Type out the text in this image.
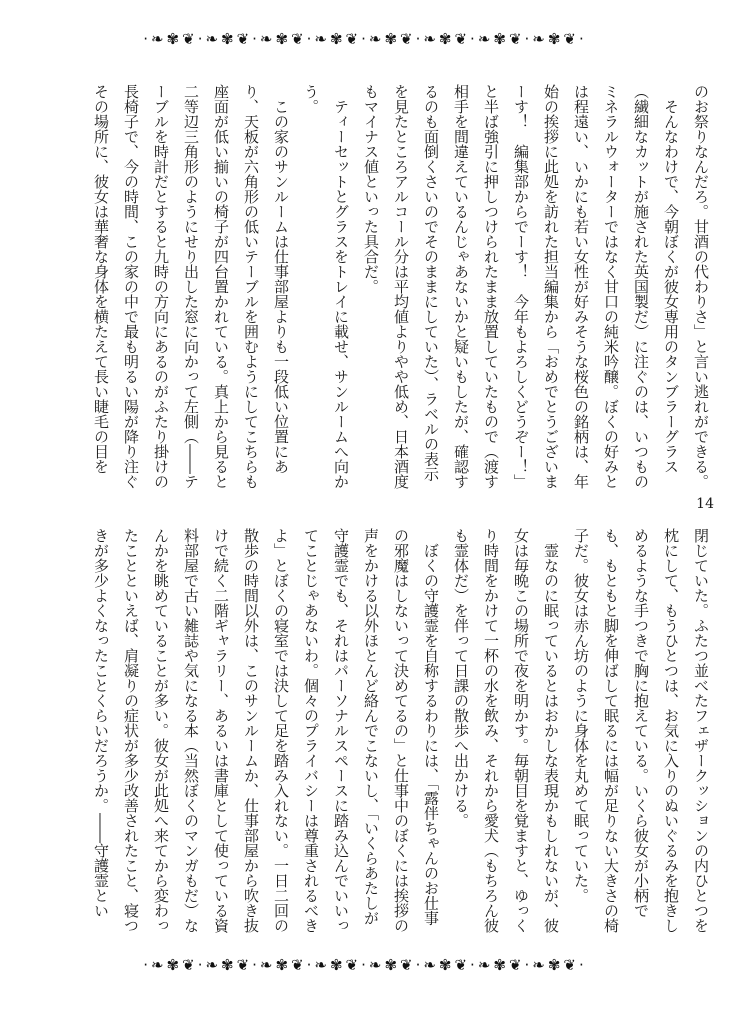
·❧✾❦·❧✾❦·❧✾❦·❧✾❦·❧✾❦·❧✾❦·❧✾❦·❧✾❦·

のお祭りなんだろ。甘酒の代わりさ」と言い逃れができる。

　そんなわけで、今朝ぼくが彼女専用のタンブラーグラス（繊細なカットが施された英国製だ）に注ぐのは、いつものミネラルウォーターではなく甘口の純米吟醸。ぼくの好みとは程遠い、いかにも若い女性が好みそうな桜色の銘柄は、年始の挨拶に此処を訪れた担当編集から「おめでとうございまーす！　編集部からでーす！　今年もよろしくどうぞー！」と半ば強引に押しつけられたまま放置していたもので（渡す相手を間違えているんじゃあないかと疑いもしたが、確認するのも面倒くさいのでそのままにしていた）、ラベルの表示を見たところアルコール分は平均値よりやや低め、日本酒度もマイナス値といった具合だ。

　ティーセットとグラスをトレイに載せ、サンルームへ向かう。

　この家のサンルームは仕事部屋よりも一段低い位置にあり、天板が六角形の低いテーブルを囲むようにしてこちらも座面が低い揃いの椅子が四台置かれている。真上から見ると二等辺三角形のようにせり出した窓に向かって左側（――テーブルを時計だとすると九時の方向にあるのがふたり掛けの長椅子で、今の時間、この家の中で最も明るい陽が降り注ぐその場所に、彼女は華奢な身体を横たえて長い睫毛の目を

14

閉じていた。ふたつ並べたフェザークッションの内ひとつを枕にして、もうひとつは、お気に入りのぬいぐるみを抱きしめるような手つきで胸に抱えている。いくら彼女が小柄でも、もともと脚を伸ばして眠るには幅が足りない大きさの椅子だ。彼女は赤ん坊のように身体を丸めて眠っていた。

　霊なのに眠っているとはおかしな表現かもしれないが、彼女は毎晩この場所で夜を明かす。毎朝目を覚ますと、ゆっくり時間をかけて一杯の水を飲み、それから愛犬（もちろん彼も霊体だ）を伴って日課の散歩へ出かける。

　ぼくの守護霊を自称するわりには、「露伴ちゃんのお仕事の邪魔はしないって決めてるの」と仕事中のぼくには挨拶の声をかける以外ほとんど絡んでこないし、「いくらあたしが守護霊でも、それはパーソナルスペースに踏み込んでいいってことじゃあないわ。個々のプライバシーは尊重されるべきよ」とぼくの寝室では決して足を踏み入れない。一日二回の散歩の時間以外は、このサンルームか、仕事部屋から吹き抜けで続く二階ギャラリー、あるいは書庫として使っている資料部屋で古い雑誌や気になる本（当然ぼくのマンガもだ）なんかを眺めていることが多い。彼女が此処へ来てから変わったことといえば、肩凝りの症状が多少改善されたこと、寝つきが多少よくなったことくらいだろうか。――守護霊とい

·❧✾❦·❧✾❦·❧✾❦·❧✾❦·❧✾❦·❧✾❦·❧✾❦·❧✾❦·
